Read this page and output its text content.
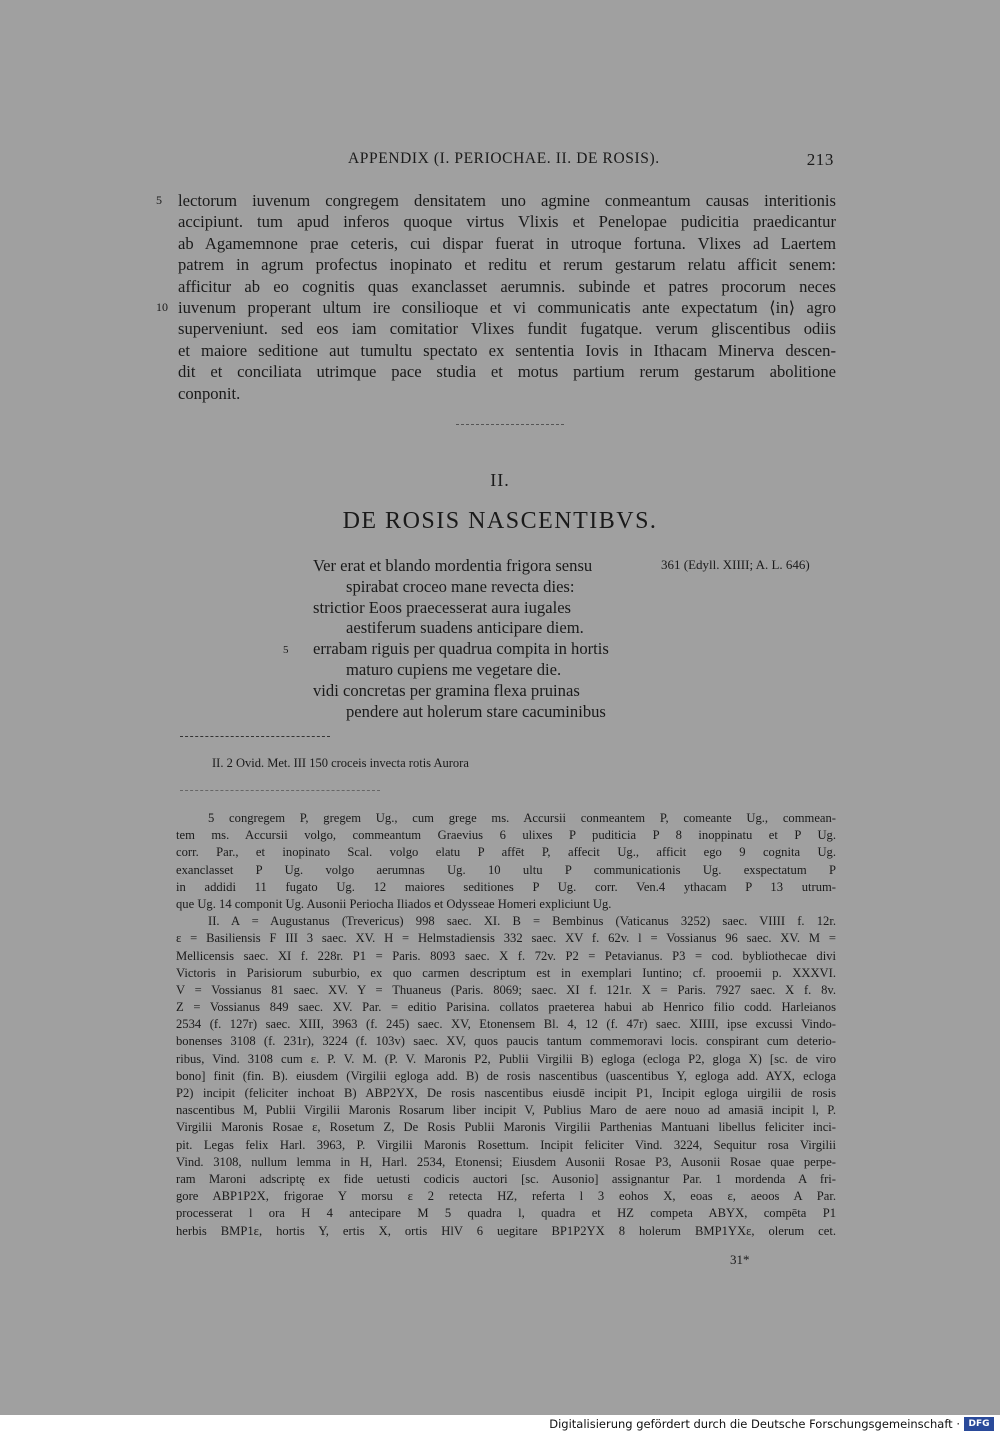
APPENDIX (I. PERIOCHAE. II. DE ROSIS).	213
5 lectorum iuvenum congregem densitatem uno agmine conmeantum causas interitionis
accipiunt. tum apud inferos quoque virtus Vlixis et Penelopae pudicitia praedicantur
ab Agamemnone prae ceteris, cui dispar fuerat in utroque fortuna. Vlixes ad Laertem
patrem in agrum profectus inopinato et reditu et rerum gestarum relatu afficit senem:
afficitur ab eo cognitis quas exanclasset aerumnis. subinde et patres procorum neces
10 iuvenum properant ultum ire consilioque et vi communicatis ante expectatum ⟨in⟩ agro
superveniunt. sed eos iam comitatior Vlixes fundit fugatque. verum gliscentibus odiis
et maiore seditione aut tumultu spectato ex sententia Iovis in Ithacam Minerva descen-
dit et conciliata utrimque pace studia et motus partium rerum gestarum abolitione
conponit.
II.
DE ROSIS NASCENTIBVS.
361 (Edyll. XIIII; A. L. 646)
Ver erat et blando mordentia frigora sensu
spirabat croceo mane revecta dies:
strictior Eoos praecesserat aura iugales
aestiferum suadens anticipare diem.
5 errabam riguis per quadrua compita in hortis
maturo cupiens me vegetare die.
vidi concretas per gramina flexa pruinas
pendere aut holerum stare cacuminibus
II. 2 Ovid. Met. III 150 croceis invecta rotis Aurora
5 congregem P, gregem Ug., cum grege ms. Accursii conmeantem P, comeante Ug., commean-
tem ms. Accursii volgo, commeantum Graevius 6 ulixes P puditicia P 8 inoppinatu et P Ug.
corr. Par., et inopinato Scal. volgo elatu P affēt P, affecit Ug., afficit ego 9 cognita Ug.
exanclasset P Ug. volgo aerumnas Ug. 10 ultu P communicationis Ug. exspectatum P
in addidi 11 fugato Ug. 12 maiores seditiones P Ug. corr. Ven.4 ythacam P 13 utrum-
que Ug. 14 componit Ug. Ausonii Periocha Iliados et Odysseae Homeri expliciunt Ug.
II. A = Augustanus (Trevericus) 998 saec. XI. B = Bembinus (Vaticanus 3252) saec. VIIII f. 12r.
ε = Basiliensis F III 3 saec. XV. H = Helmstadiensis 332 saec. XV f. 62v. l = Vossianus 96 saec. XV. M =
Mellicensis saec. XI f. 228r. P1 = Paris. 8093 saec. X f. 72v. P2 = Petavianus. P3 = cod. bybliothecae divi
Victoris in Parisiorum suburbio, ex quo carmen descriptum est in exemplari Iuntino; cf. prooemii p. XXXVI.
V = Vossianus 81 saec. XV. Y = Thuaneus (Paris. 8069; saec. XI f. 121r. X = Paris. 7927 saec. X f. 8v.
Z = Vossianus 849 saec. XV. Par. = editio Parisina. collatos praeterea habui ab Henrico filio codd. Harleianos
2534 (f. 127r) saec. XIII, 3963 (f. 245) saec. XV, Etonensem Bl. 4, 12 (f. 47r) saec. XIIII, ipse excussi Vindo-
bonenses 3108 (f. 231r), 3224 (f. 103v) saec. XV, quos paucis tantum commemoravi locis. conspirant cum deterio-
ribus, Vind. 3108 cum ε. P. V. M. (P. V. Maronis P2, Publii Virgilii B) egloga (ecloga P2, gloga X) [sc. de viro
bono] finit (fin. B). eiusdem (Virgilii egloga add. B) de rosis nascentibus (uascentibus Y, egloga add. AYX, ecloga
P2) incipit (feliciter inchoat B) ABP2YX, De rosis nascentibus eiusdē incipit P1, Incipit egloga uirgilii de rosis
nascentibus M, Publii Virgilii Maronis Rosarum liber incipit V, Publius Maro de aere nouo ad amasiā incipit l, P.
Virgilii Maronis Rosae ε, Rosetum Z, De Rosis Publii Maronis Virgilii Parthenias Mantuani libellus feliciter inci-
pit. Legas felix Harl. 3963, P. Virgilii Maronis Rosettum. Incipit feliciter Vind. 3224, Sequitur rosa Virgilii
Vind. 3108, nullum lemma in H, Harl. 2534, Etonensi; Eiusdem Ausonii Rosae P3, Ausonii Rosae quae perpe-
ram Maroni adscriptę ex fide uetusti codicis auctori [sc. Ausonio] assignantur Par. 1 mordenda A fri-
gore ABP1P2X, frigorae Y morsu ε 2 retecta HZ, referta l 3 eohos X, eoas ε, aeoos A Par.
processerat l ora H 4 antecipare M 5 quadra l, quadra et HZ competa ABYX, compēta P1
herbis BMP1ε, hortis Y, ertis X, ortis HlV 6 uegitare BP1P2YX 8 holerum BMP1YXε, olerum cet.
31*
Digitalisierung gefördert durch die Deutsche Forschungsgemeinschaft · DFG
